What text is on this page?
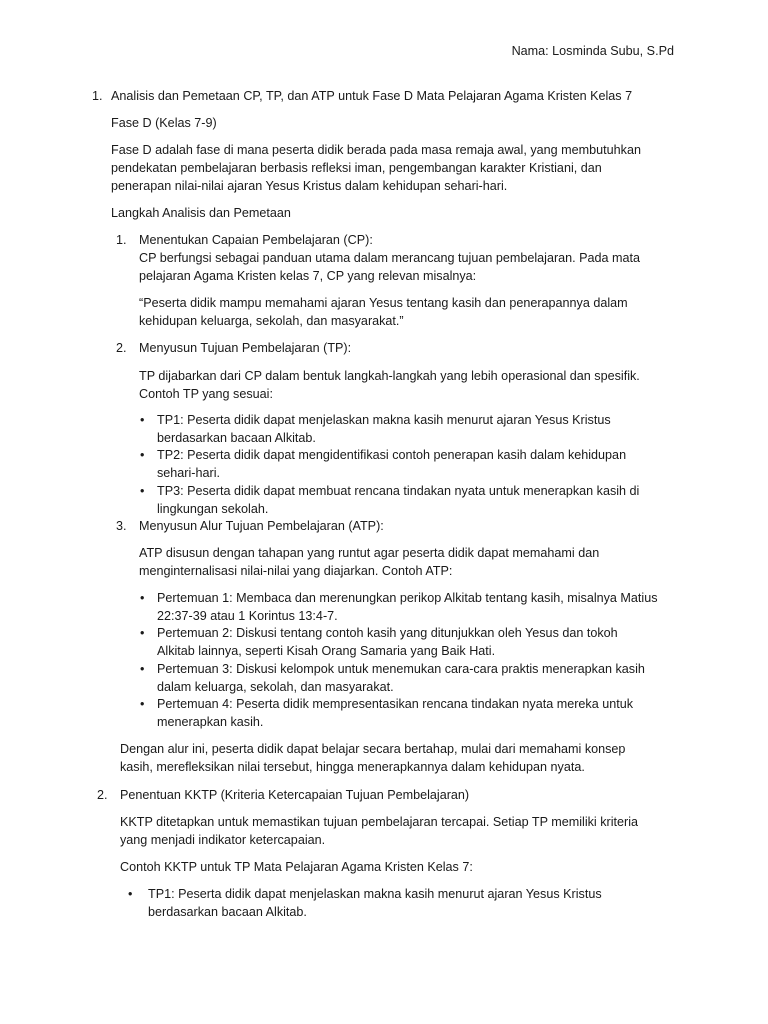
Nama: Losminda Subu, S.Pd
1. Analisis dan Pemetaan CP, TP, dan ATP untuk Fase D Mata Pelajaran Agama Kristen Kelas 7
Fase D (Kelas 7-9)
Fase D adalah fase di mana peserta didik berada pada masa remaja awal, yang membutuhkan pendekatan pembelajaran berbasis refleksi iman, pengembangan karakter Kristiani, dan penerapan nilai-nilai ajaran Yesus Kristus dalam kehidupan sehari-hari.
Langkah Analisis dan Pemetaan
1. Menentukan Capaian Pembelajaran (CP):
CP berfungsi sebagai panduan utama dalam merancang tujuan pembelajaran. Pada mata pelajaran Agama Kristen kelas 7, CP yang relevan misalnya:
“Peserta didik mampu memahami ajaran Yesus tentang kasih dan penerapannya dalam kehidupan keluarga, sekolah, dan masyarakat.”
2. Menyusun Tujuan Pembelajaran (TP):
TP dijabarkan dari CP dalam bentuk langkah-langkah yang lebih operasional dan spesifik. Contoh TP yang sesuai:
• TP1: Peserta didik dapat menjelaskan makna kasih menurut ajaran Yesus Kristus berdasarkan bacaan Alkitab.
• TP2: Peserta didik dapat mengidentifikasi contoh penerapan kasih dalam kehidupan sehari-hari.
• TP3: Peserta didik dapat membuat rencana tindakan nyata untuk menerapkan kasih di lingkungan sekolah.
3. Menyusun Alur Tujuan Pembelajaran (ATP):
ATP disusun dengan tahapan yang runtut agar peserta didik dapat memahami dan menginternalisasi nilai-nilai yang diajarkan. Contoh ATP:
• Pertemuan 1: Membaca dan merenungkan perikop Alkitab tentang kasih, misalnya Matius 22:37-39 atau 1 Korintus 13:4-7.
• Pertemuan 2: Diskusi tentang contoh kasih yang ditunjukkan oleh Yesus dan tokoh Alkitab lainnya, seperti Kisah Orang Samaria yang Baik Hati.
• Pertemuan 3: Diskusi kelompok untuk menemukan cara-cara praktis menerapkan kasih dalam keluarga, sekolah, dan masyarakat.
• Pertemuan 4: Peserta didik mempresentasikan rencana tindakan nyata mereka untuk menerapkan kasih.
Dengan alur ini, peserta didik dapat belajar secara bertahap, mulai dari memahami konsep kasih, merefleksikan nilai tersebut, hingga menerapkannya dalam kehidupan nyata.
2. Penentuan KKTP (Kriteria Ketercapaian Tujuan Pembelajaran)
KKTP ditetapkan untuk memastikan tujuan pembelajaran tercapai. Setiap TP memiliki kriteria yang menjadi indikator ketercapaian.
Contoh KKTP untuk TP Mata Pelajaran Agama Kristen Kelas 7:
• TP1: Peserta didik dapat menjelaskan makna kasih menurut ajaran Yesus Kristus berdasarkan bacaan Alkitab.
